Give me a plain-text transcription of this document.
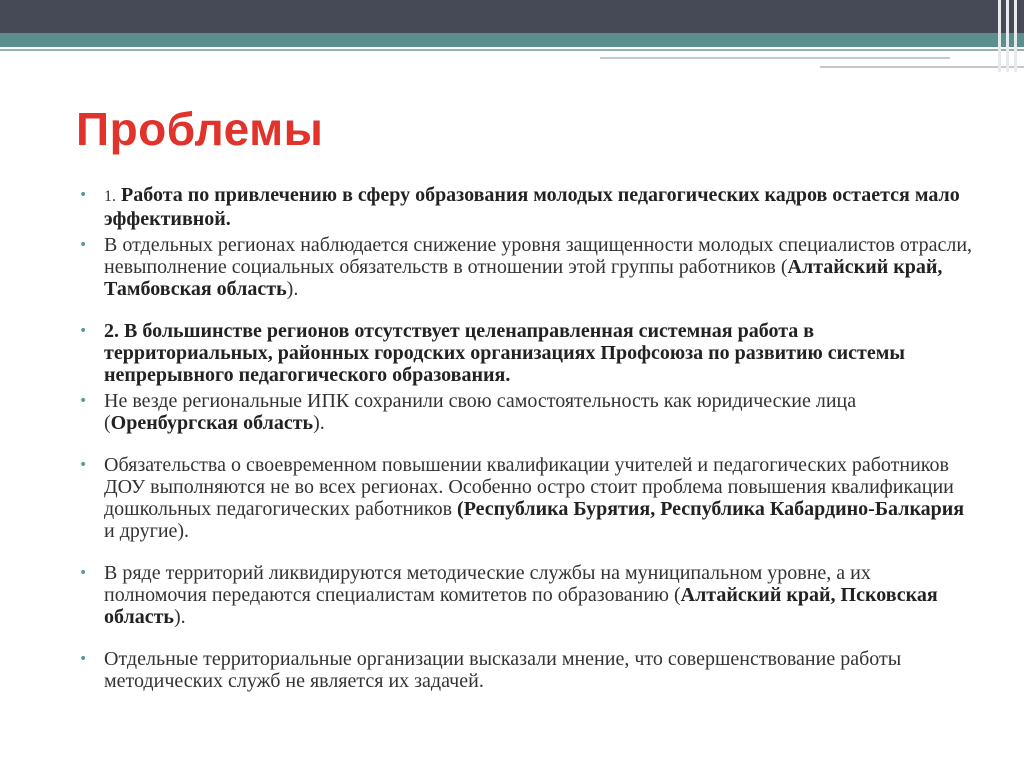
Проблемы
• 1. Работа по привлечению в сферу образования молодых педагогических кадров остается мало эффективной.
• В отдельных регионах наблюдается снижение уровня защищенности молодых специалистов отрасли, невыполнение социальных обязательств в отношении этой группы работников (Алтайский край, Тамбовская область).
• 2. В большинстве регионов отсутствует целенаправленная системная работа в территориальных, районных городских организациях Профсоюза по развитию системы непрерывного педагогического образования.
• Не везде региональные ИПК сохранили свою самостоятельность как юридические лица (Оренбургская область).
• Обязательства о своевременном повышении квалификации учителей и педагогических работников ДОУ выполняются не во всех регионах. Особенно остро стоит проблема повышения квалификации дошкольных педагогических работников (Республика Бурятия, Республика Кабардино-Балкария и другие).
• В ряде территорий ликвидируются методические службы на муниципальном уровне, а их полномочия передаются специалистам комитетов по образованию (Алтайский край, Псковская область).
• Отдельные территориальные организации высказали мнение, что совершенствование работы методических служб не является их задачей.
